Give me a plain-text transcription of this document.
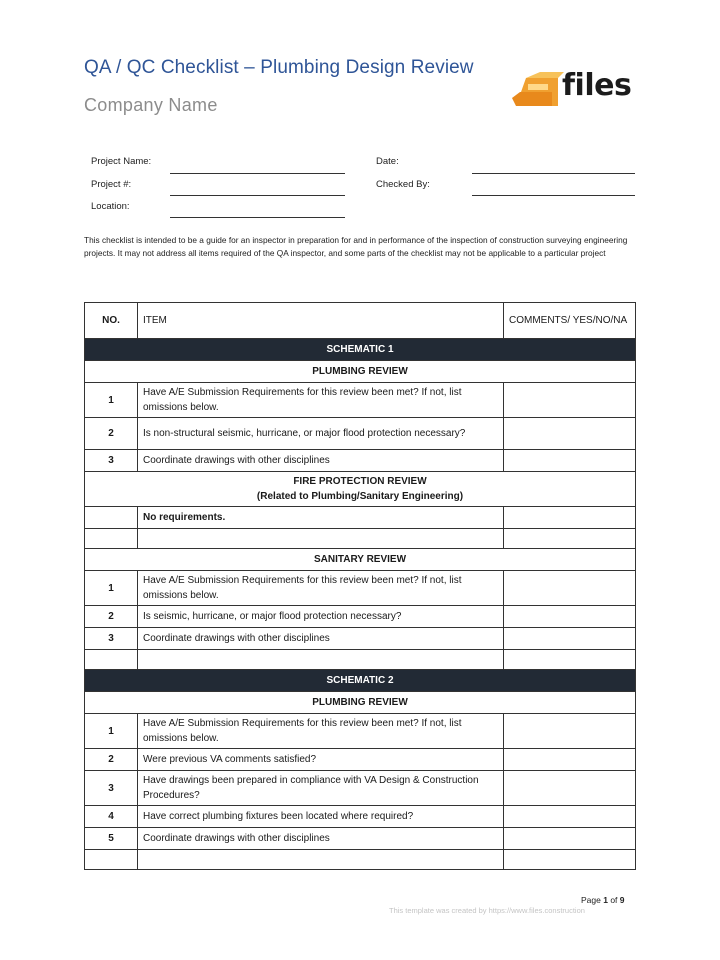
QA / QC Checklist – Plumbing Design Review
Company Name
files
Project Name:
Project #:
Location:
Date:
Checked By:
This checklist is intended to be a guide for an inspector in preparation for and in performance of the inspection of construction surveying engineering projects. It may not address all items required of the QA inspector, and some parts of the checklist may not be applicable to a particular project
NO.	ITEM	COMMENTS/ YES/NO/NA
SCHEMATIC 1		
PLUMBING REVIEW		
1	Have A/E Submission Requirements for this review been met? If not, list omissions below.	
2	Is non-structural seismic, hurricane, or major flood protection necessary?	
3	Coordinate drawings with other disciplines	

FIRE PROTECTION REVIEW
(Related to Plumbing/Sanitary Engineering)		

	No requirements.	

SANITARY REVIEW		
1	Have A/E Submission Requirements for this review been met? If not, list omissions below.	
2	Is seismic, hurricane, or major flood protection necessary?	
3	Coordinate drawings with other disciplines	

SCHEMATIC 2		
PLUMBING REVIEW		
1	Have A/E Submission Requirements for this review been met? If not, list omissions below.	
2	Were previous VA comments satisfied?	
3	Have drawings been prepared in compliance with VA Design & Construction Procedures?	
4	Have correct plumbing fixtures been located where required?	
5	Coordinate drawings with other disciplines	

Page 1 of 9
This template was created by https://www.files.construction
